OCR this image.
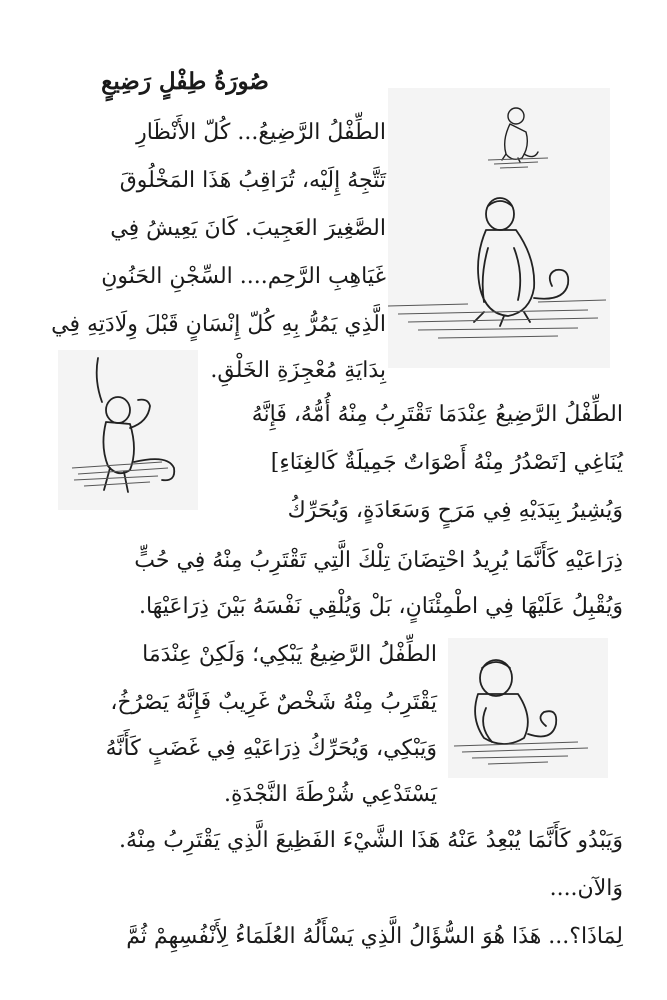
صُورَةُ طِفْلٍ رَضِيعٍ
الطِّفْلُ الرَّضِيعُ... كُلّ الأَنْظَارِ
تَتَّجِهُ إِلَيْه، تُرَاقِبُ هَذَا المَخْلُوقَ
الصَّغِيرَ العَجِيبَ. كَانَ يَعِيشُ فِي
غَيَاهِبِ الرَّحِم.... السِّجْنِ الحَنُونِ
الَّذِي يَمُرُّ بِهِ كُلّ إِنْسَانٍ قَبْلَ وِلَادَتِهِ فِي
بِدَايَةِ مُعْجِزَةِ الخَلْقِ.
الطِّفْلُ الرَّضِيعُ عِنْدَمَا تَقْتَرِبُ مِنْهُ أُمُّهُ، فَإِنَّهُ
يُنَاغِي [تَصْدُرُ مِنْهُ أَصْوَاتٌ جَمِيلَةٌ كَالغِنَاءِ]
وَيُشِيرُ بِيَدَيْهِ فِي مَرَحٍ وَسَعَادَةٍ، وَيُحَرِّكُ
ذِرَاعَيْهِ كَأَنَّمَا يُرِيدُ احْتِضَانَ تِلْكَ الَّتِي تَقْتَرِبُ مِنْهُ فِي حُبٍّ
وَيُقْبِلُ عَلَيْهَا فِي اطْمِئْنَانٍ، بَلْ وَيُلْقِي نَفْسَهُ بَيْنَ ذِرَاعَيْهَا.
الطِّفْلُ الرَّضِيعُ يَبْكِي؛ وَلَكِنْ عِنْدَمَا
يَقْتَرِبُ مِنْهُ شَخْصٌ غَرِيبٌ فَإِنَّهُ يَصْرُخُ،
وَيَبْكِي، وَيُحَرِّكُ ذِرَاعَيْهِ فِي غَضَبٍ كَأَنَّهُ
يَسْتَدْعِي شُرْطَةَ النَّجْدَةِ.
وَيَبْدُو كَأَنَّمَا يُبْعِدُ عَنْهُ هَذَا الشَّيْءَ الفَظِيعَ الَّذِي يَقْتَرِبُ مِنْهُ.
وَالآن....
لِمَاذَا؟... هَذَا هُوَ السُّؤَالُ الَّذِي يَسْأَلُهُ العُلَمَاءُ لِأَنْفُسِهِمْ ثُمَّ
